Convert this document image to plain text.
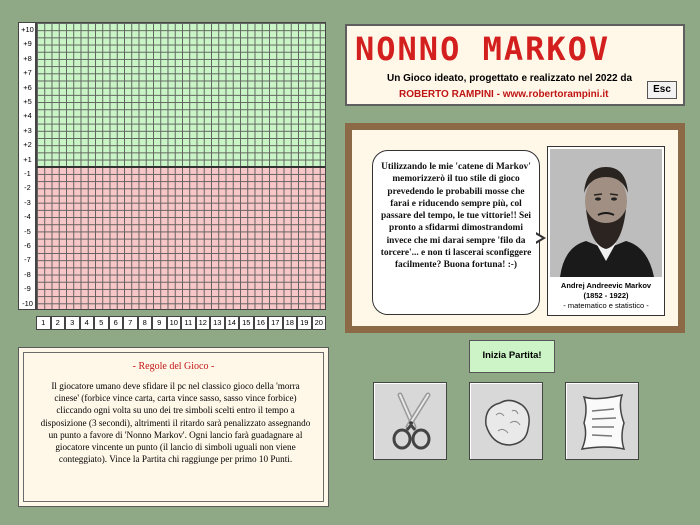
+10
+9
+8
+7
+6
+5
+4
+3
+2
+1
-1
-2
-3
-4
-5
-6
-7
-8
-9
-10
1	2	3	4	5	6	7	8	9	10 11 12 13 14 15 16 17 18 19 20
NONNO MARKOV
Un Gioco ideato, progettato e realizzato nel 2022 da
ROBERTO RAMPINI - www.robertorampini.it	Esc
Utilizzando le mie 'catene di Markov' memorizzerò il tuo stile di gioco prevedendo le probabili mosse che farai e riducendo sempre più, col passare del tempo, le tue vittorie!! Sei pronto a sfidarmi dimostrandomi invece che mi darai sempre 'filo da torcere'... e non ti lascerai sconfiggere facilmente? Buona fortuna! :-)
Andrej Andreevic Markov
(1852 - 1922)
- matematico e statistico -
- Regole del Gioco -
Il giocatore umano deve sfidare il pc nel classico gioco della 'morra cinese' (forbice vince carta, carta vince sasso, sasso vince forbice) cliccando ogni volta su uno dei tre simboli scelti entro il tempo a disposizione (3 secondi), altrimenti il ritardo sarà penalizzato assegnando un punto a favore di 'Nonno Markov'. Ogni lancio farà guadagnare al giocatore vincente un punto (il lancio di simboli uguali non viene conteggiato). Vince la Partita chi raggiunge per primo 10 Punti.
Inizia Partita!
